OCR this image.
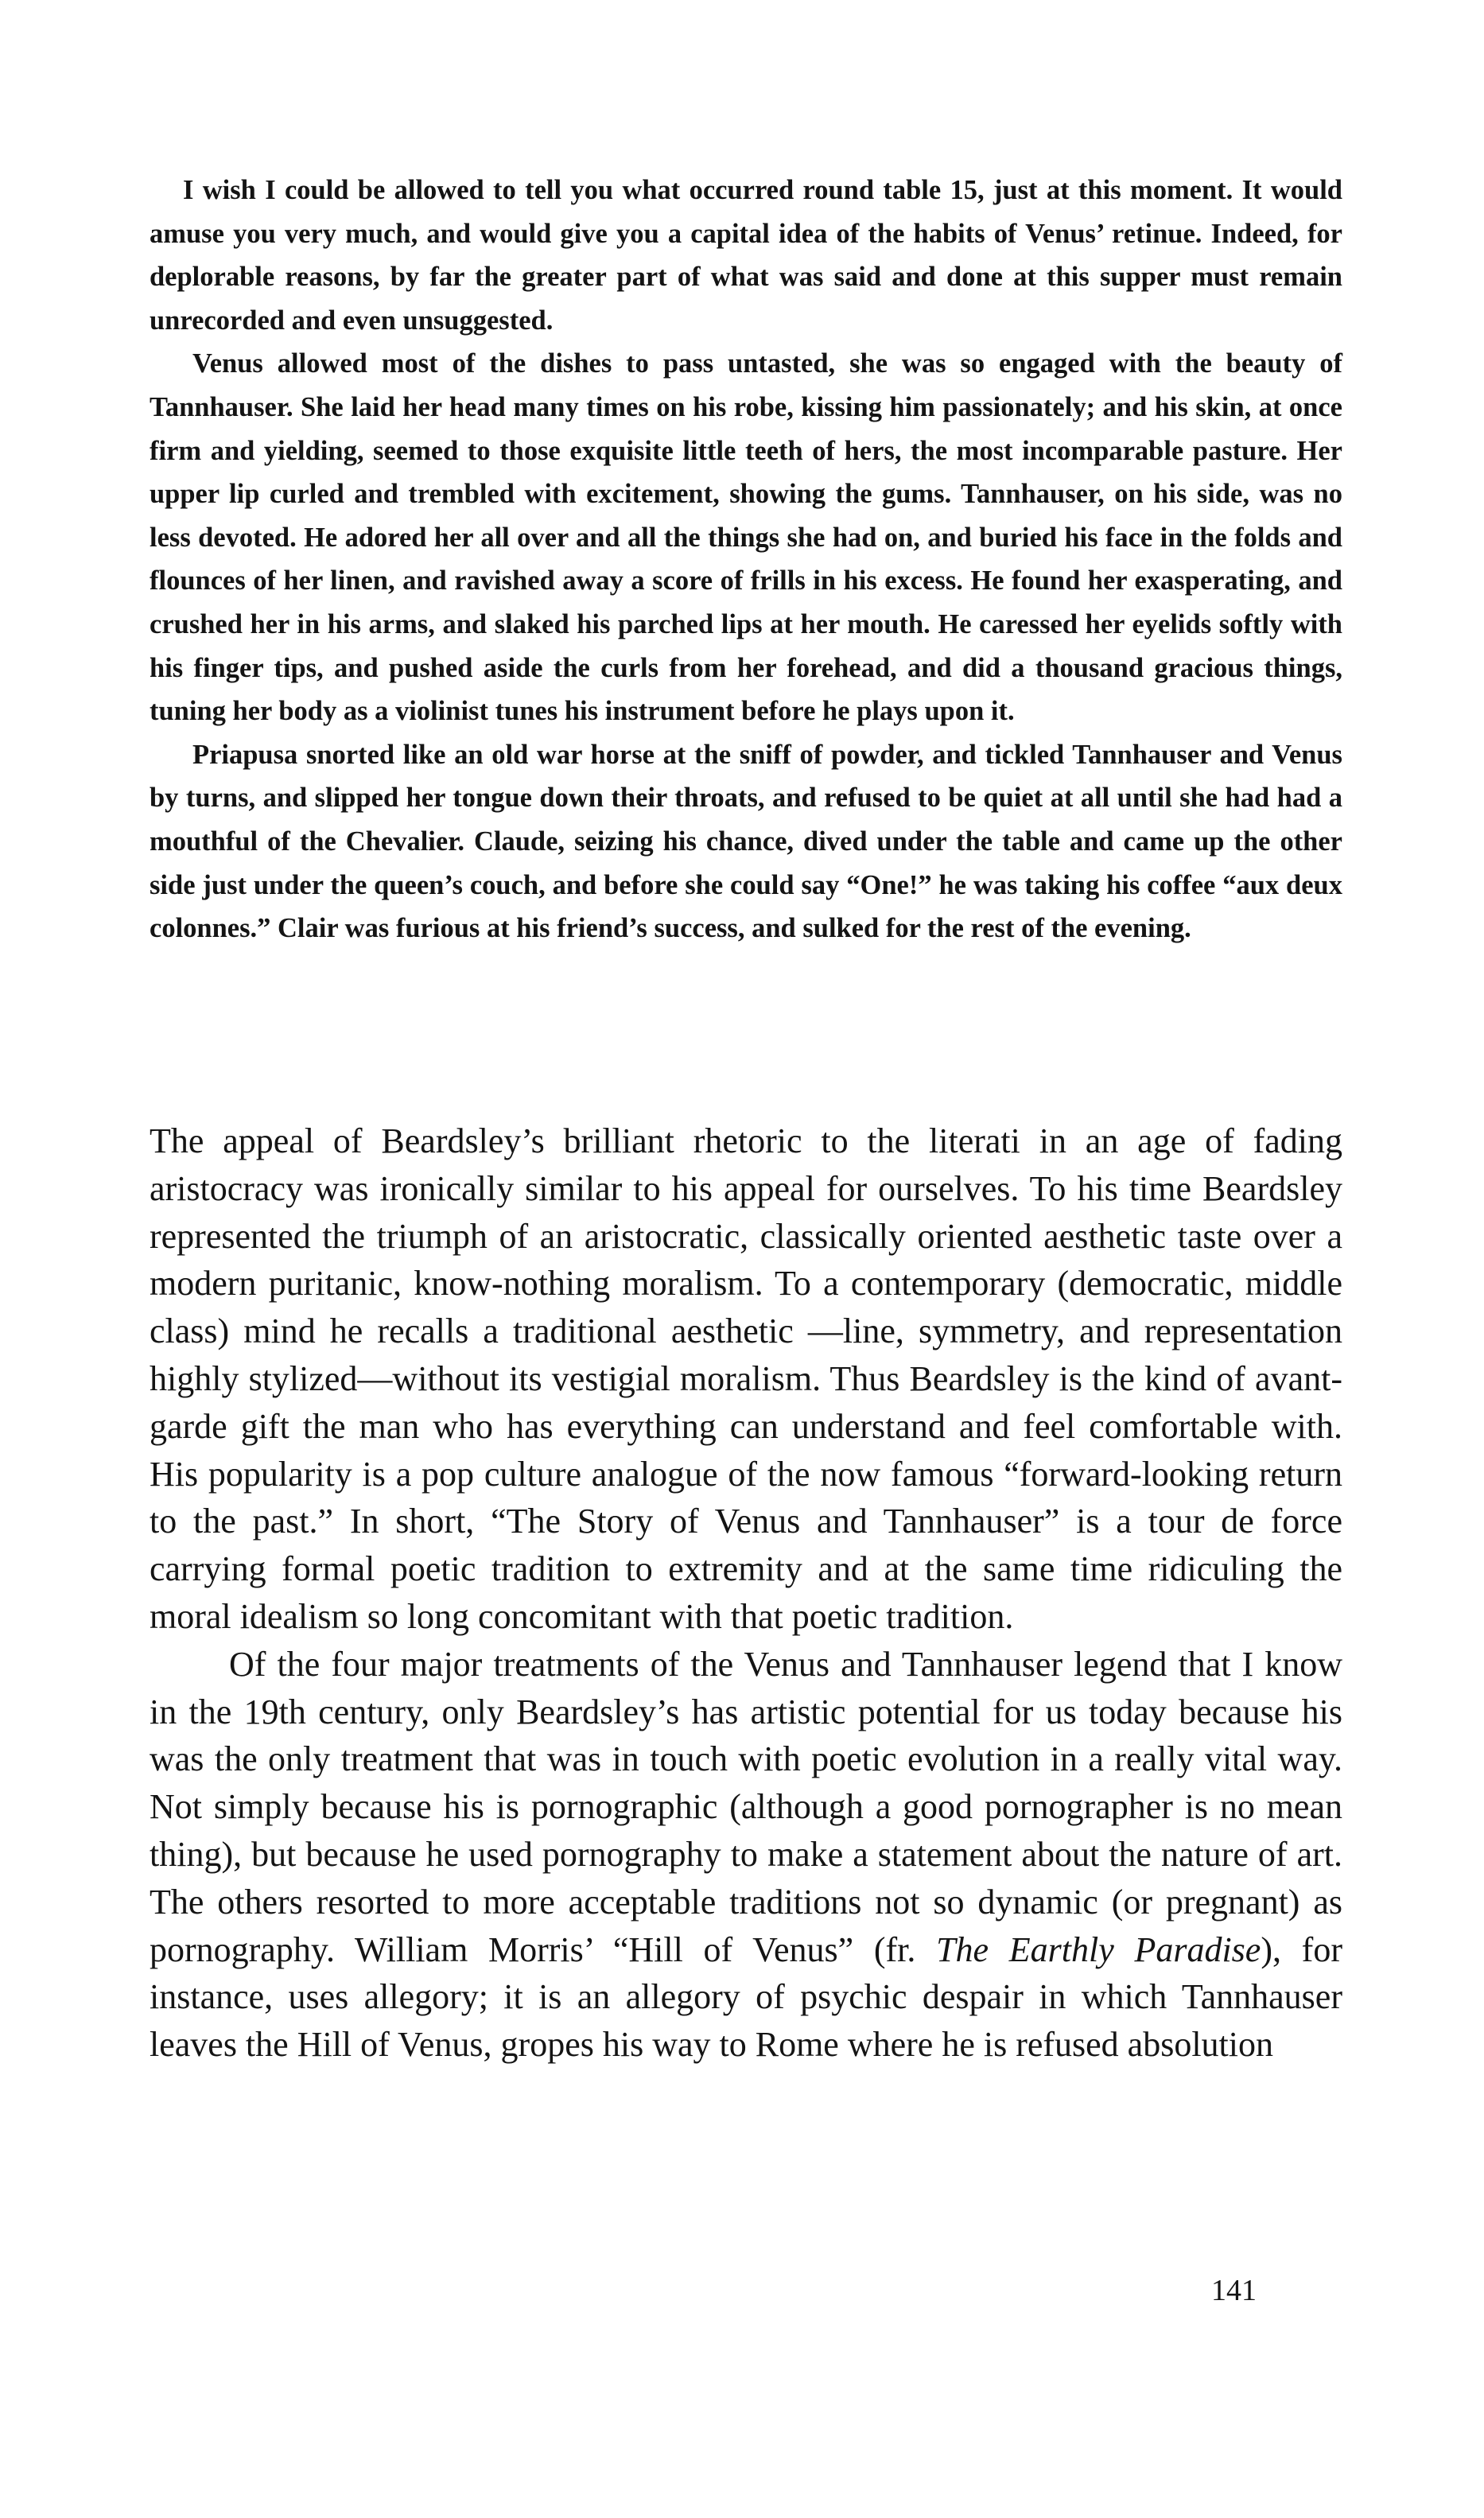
I wish I could be allowed to tell you what occurred round table 15, just at this moment. It would amuse you very much, and would give you a capital idea of the habits of Venus’ retinue. Indeed, for deplorable reasons, by far the greater part of what was said and done at this supper must remain unrecorded and even unsuggested.

Venus allowed most of the dishes to pass untasted, she was so engaged with the beauty of Tannhauser. She laid her head many times on his robe, kissing him passionately; and his skin, at once firm and yielding, seemed to those exquisite little teeth of hers, the most incomparable pasture. Her upper lip curled and trembled with excitement, showing the gums. Tannhauser, on his side, was no less devoted. He adored her all over and all the things she had on, and buried his face in the folds and flounces of her linen, and ravished away a score of frills in his excess. He found her exasperating, and crushed her in his arms, and slaked his parched lips at her mouth. He caressed her eyelids softly with his finger tips, and pushed aside the curls from her forehead, and did a thousand gracious things, tuning her body as a violinist tunes his instrument before he plays upon it.

Priapusa snorted like an old war horse at the sniff of powder, and tickled Tannhauser and Venus by turns, and slipped her tongue down their throats, and refused to be quiet at all until she had had a mouthful of the Chevalier. Claude, seizing his chance, dived under the table and came up the other side just under the queen’s couch, and before she could say “One!” he was taking his coffee “aux deux colonnes.” Clair was furious at his friend’s success, and sulked for the rest of the evening.

The appeal of Beardsley’s brilliant rhetoric to the literati in an age of fading aristocracy was ironically similar to his appeal for ourselves. To his time Beardsley represented the triumph of an aristocratic, classically oriented aesthetic taste over a modern puritanic, know-nothing moralism. To a contemporary (democratic, middle class) mind he recalls a traditional aesthetic —line, symmetry, and representation highly stylized—without its vestigial moralism. Thus Beardsley is the kind of avant-garde gift the man who has everything can understand and feel comfortable with. His popularity is a pop culture analogue of the now famous “forward-looking return to the past.” In short, “The Story of Venus and Tannhauser” is a tour de force carrying formal poetic tradition to extremity and at the same time ridiculing the moral idealism so long concomitant with that poetic tradition.

Of the four major treatments of the Venus and Tannhauser legend that I know in the 19th century, only Beardsley’s has artistic potential for us today because his was the only treatment that was in touch with poetic evolution in a really vital way. Not simply because his is pornographic (although a good pornographer is no mean thing), but because he used pornography to make a statement about the nature of art. The others resorted to more acceptable traditions not so dynamic (or pregnant) as pornography. William Morris’ “Hill of Venus” (fr. The Earthly Paradise), for instance, uses allegory; it is an allegory of psychic despair in which Tannhauser leaves the Hill of Venus, gropes his way to Rome where he is refused absolution

141
